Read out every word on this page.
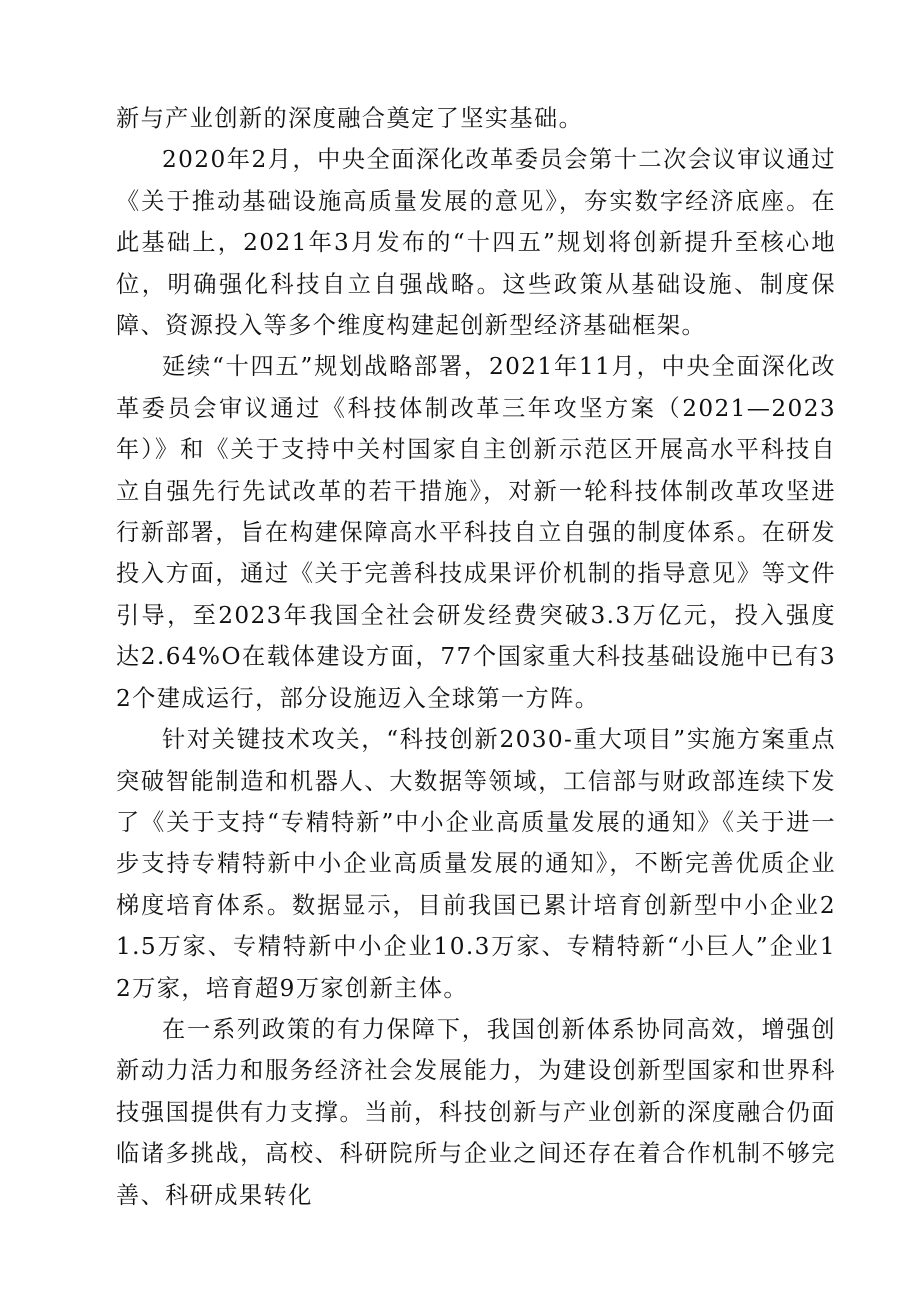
新与产业创新的深度融合奠定了坚实基础。

2020年2月，中央全面深化改革委员会第十二次会议审议通过《关于推动基础设施高质量发展的意见》，夯实数字经济底座。在此基础上，2021年3月发布的“十四五”规划将创新提升至核心地位，明确强化科技自立自强战略。这些政策从基础设施、制度保障、资源投入等多个维度构建起创新型经济基础框架。

延续“十四五”规划战略部署，2021年11月，中央全面深化改革委员会审议通过《科技体制改革三年攻坚方案（2021—2023年）》和《关于支持中关村国家自主创新示范区开展高水平科技自立自强先行先试改革的若干措施》，对新一轮科技体制改革攻坚进行新部署，旨在构建保障高水平科技自立自强的制度体系。在研发投入方面，通过《关于完善科技成果评价机制的指导意见》等文件引导，至2023年我国全社会研发经费突破3.3万亿元，投入强度达2.64%O在载体建设方面，77个国家重大科技基础设施中已有32个建成运行，部分设施迈入全球第一方阵。

针对关键技术攻关，“科技创新2030-重大项目”实施方案重点突破智能制造和机器人、大数据等领域，工信部与财政部连续下发了《关于支持“专精特新”中小企业高质量发展的通知》《关于进一步支持专精特新中小企业高质量发展的通知》，不断完善优质企业梯度培育体系。数据显示，目前我国已累计培育创新型中小企业21.5万家、专精特新中小企业10.3万家、专精特新“小巨人”企业12万家，培育超9万家创新主体。

在一系列政策的有力保障下，我国创新体系协同高效，增强创新动力活力和服务经济社会发展能力，为建设创新型国家和世界科技强国提供有力支撑。当前，科技创新与产业创新的深度融合仍面临诸多挑战，高校、科研院所与企业之间还存在着合作机制不够完善、科研成果转化
